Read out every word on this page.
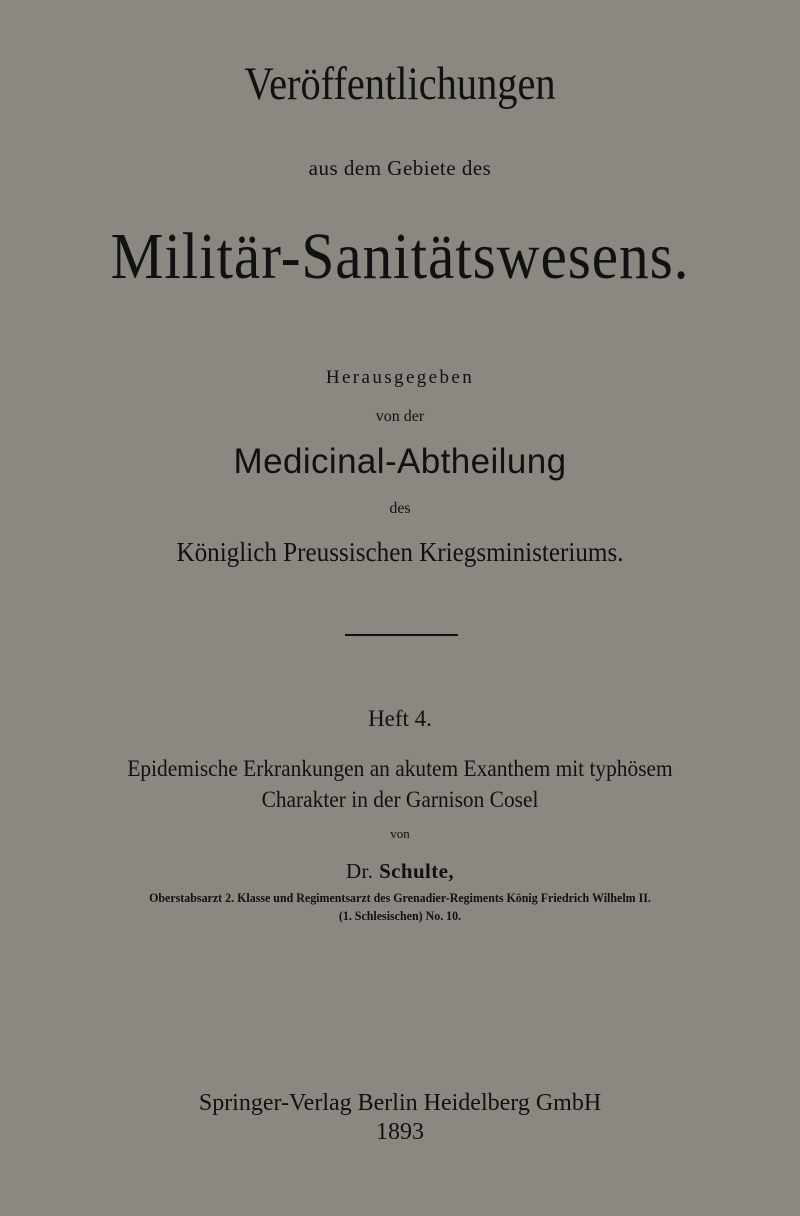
Veröffentlichungen

aus dem Gebiete des

Militär-Sanitätswesens.

Herausgegeben

von der

Medicinal-Abtheilung

des

Königlich Preussischen Kriegsministeriums.

Heft 4.

Epidemische Erkrankungen an akutem Exanthem mit typhösem

Charakter in der Garnison Cosel

von

Dr. Schulte,

Oberstabsarzt 2. Klasse und Regimentsarzt des Grenadier-Regiments König Friedrich Wilhelm II.

(1. Schlesischen) No. 10.

Springer-Verlag Berlin Heidelberg GmbH

1893
